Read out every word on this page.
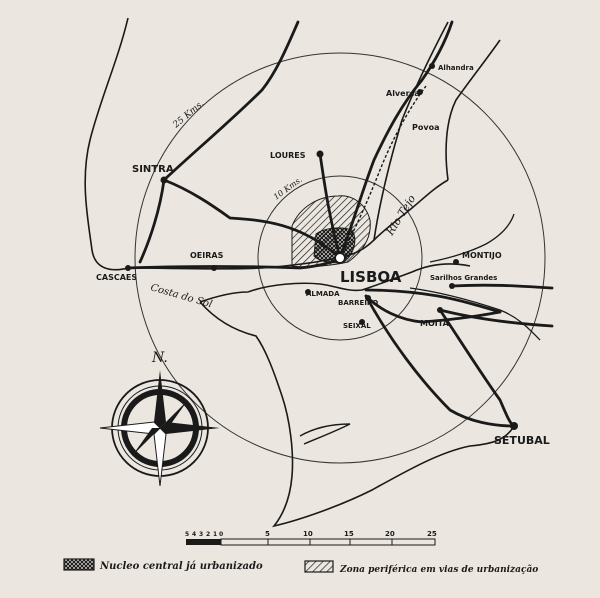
SINTRA
LOURES
OEIRAS
CASCAES
Alhandra
Alverca
Povoa
LISBOA
MONTIJO
Sarilhos Grandes
ALMADA
BARREIRO
SEIXAL	MOITA
SETUBAL
Rio Tejo
Costa do Sol
25 Kms.
10 Kms.
N.
5 4 3 2 1 0	5	10	15	20	25
Nucleo central já urbanizado	Zona periférica em vias de urbanização
